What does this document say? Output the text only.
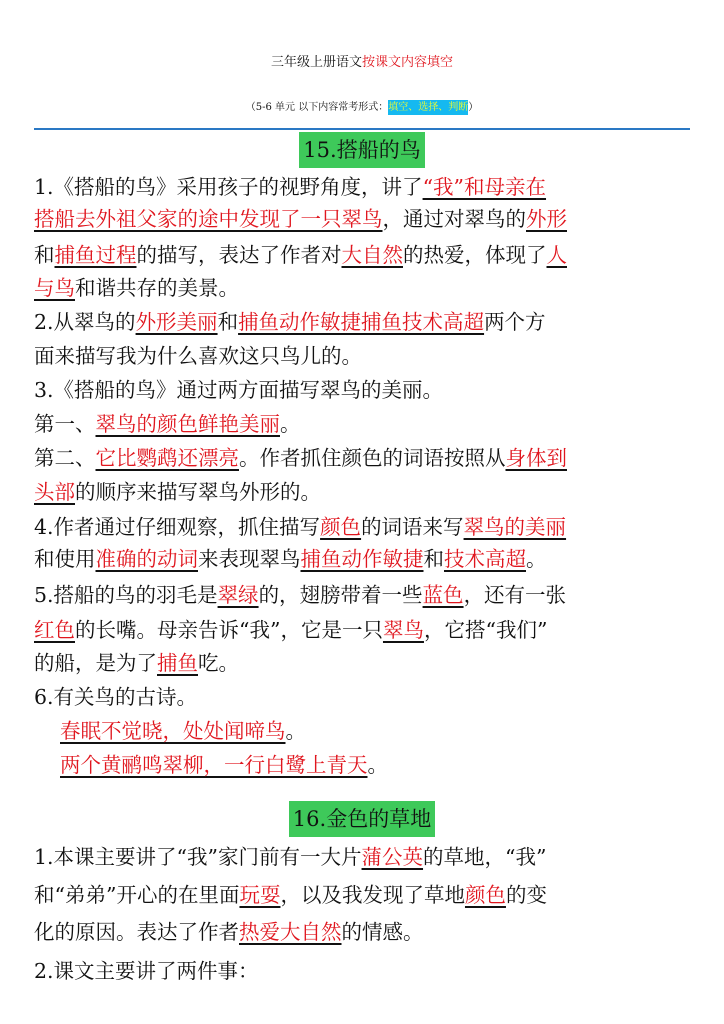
三年级上册语文按课文内容填空
（5-6 单元 以下内容常考形式：填空、选择、判断）
15.搭船的鸟
1.《搭船的鸟》采用孩子的视野角度，讲了“我”和母亲在
搭船去外祖父家的途中发现了一只翠鸟，通过对翠鸟的外形
和捕鱼过程的描写，表达了作者对大自然的热爱，体现了人
与鸟和谐共存的美景。
2.从翠鸟的外形美丽和捕鱼动作敏捷捕鱼技术高超两个方
面来描写我为什么喜欢这只鸟儿的。
3.《搭船的鸟》通过两方面描写翠鸟的美丽。
第一、翠鸟的颜色鲜艳美丽。
第二、它比鹦鹉还漂亮。作者抓住颜色的词语按照从身体到
头部的顺序来描写翠鸟外形的。
4.作者通过仔细观察，抓住描写颜色的词语来写翠鸟的美丽
和使用准确的动词来表现翠鸟捕鱼动作敏捷和技术高超。
5.搭船的鸟的羽毛是翠绿的，翅膀带着一些蓝色，还有一张
红色的长嘴。母亲告诉“我”，它是一只翠鸟，它搭“我们”
的船，是为了捕鱼吃。
6.有关鸟的古诗。
春眠不觉晓，处处闻啼鸟。
两个黄鹂鸣翠柳，一行白鹭上青天。
16.金色的草地
1.本课主要讲了“我”家门前有一大片蒲公英的草地，“我”
和“弟弟”开心的在里面玩耍，以及我发现了草地颜色的变
化的原因。表达了作者热爱大自然的情感。
2.课文主要讲了两件事：
